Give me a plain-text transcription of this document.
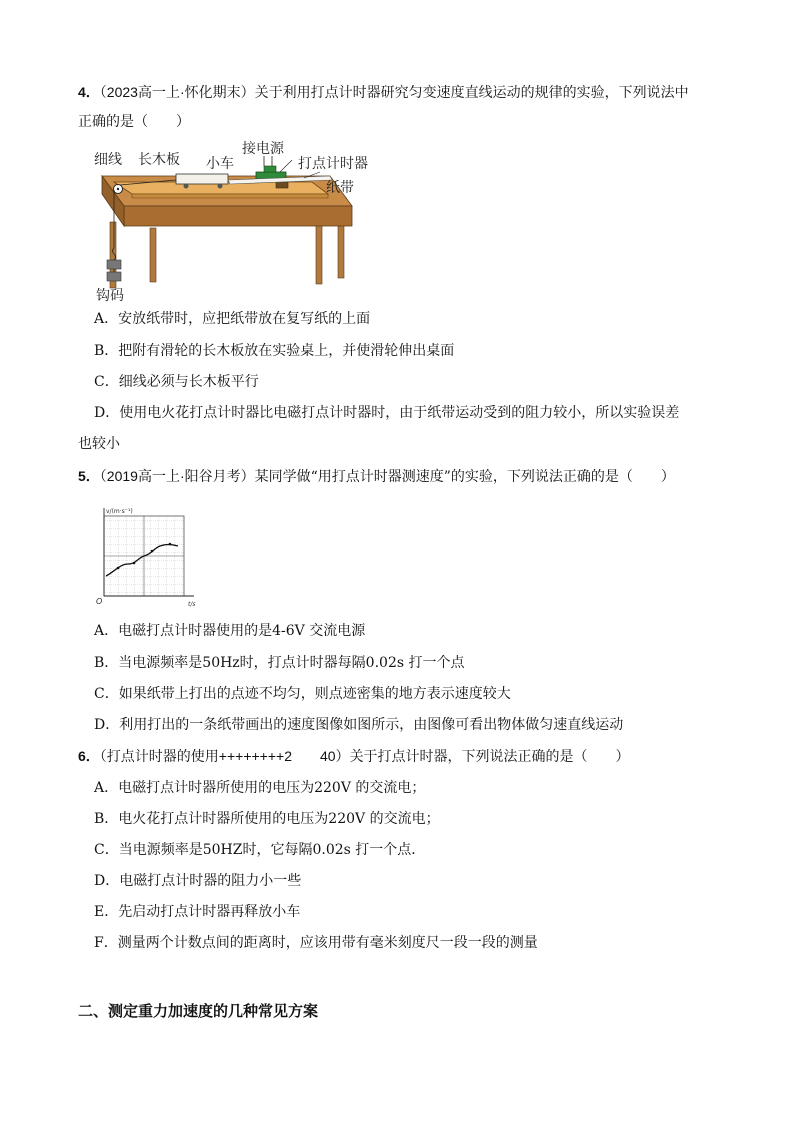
4．（2023高一上·怀化期末）关于利用打点计时器研究匀变速度直线运动的规律的实验，下列说法中
正确的是（　　）
细线 长木板 小车
接电源
打点计时器
纸带
钩码
A．安放纸带时，应把纸带放在复写纸的上面
B．把附有滑轮的长木板放在实验桌上，并使滑轮伸出桌面
C．细线必须与长木板平行
D．使用电火花打点计时器比电磁打点计时器时，由于纸带运动受到的阻力较小，所以实验误差
也较小
5．（2019高一上·阳谷月考）某同学做“用打点计时器测速度”的实验，下列说法正确的是（　　）
v/(m·s⁻¹)
O	t/s
A．电磁打点计时器使用的是4-6V 交流电源
B．当电源频率是50Hz时，打点计时器每隔0.02s 打一个点
C．如果纸带上打出的点迹不均匀，则点迹密集的地方表示速度较大
D．利用打出的一条纸带画出的速度图像如图所示，由图像可看出物体做匀速直线运动
6．（打点计时器的使用++++++++2　　40）关于打点计时器，下列说法正确的是（　　）
A．电磁打点计时器所使用的电压为220V 的交流电；
B．电火花打点计时器所使用的电压为220V 的交流电；
C．当电源频率是50HZ时，它每隔0.02s 打一个点．
D．电磁打点计时器的阻力小一些
E．先启动打点计时器再释放小车
F．测量两个计数点间的距离时，应该用带有毫米刻度尺一段一段的测量
二、测定重力加速度的几种常见方案
